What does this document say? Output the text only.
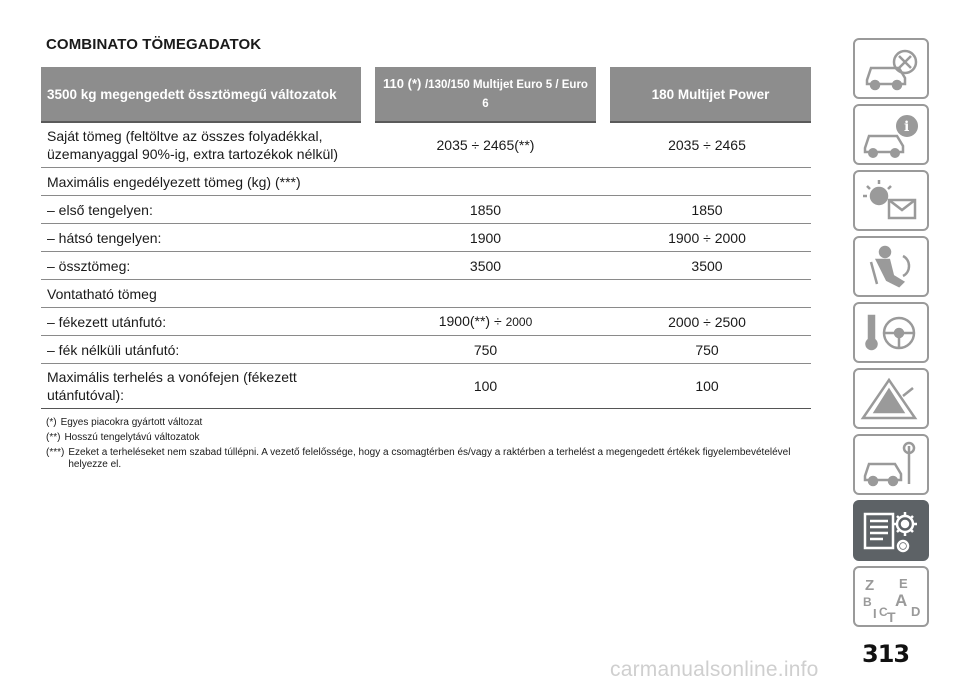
COMBINATO TÖMEGADATOK
3500 kg megengedett össztömegű változatok	110 (*) /130/150 Multijet Euro 5 / Euro 6	180 Multijet Power
Saját tömeg (feltöltve az összes folyadékkal, üzemanyaggal 90%-ig, extra tartozékok nélkül)	2035 ÷ 2465(**)	2035 ÷ 2465
Maximális engedélyezett tömeg (kg) (***)		
– első tengelyen:	1850	1850
– hátsó tengelyen:	1900	1900 ÷ 2000
– össztömeg:	3500	3500
Vontatható tömeg		
– fékezett utánfutó:	1900(**) ÷ 2000	2000 ÷ 2500
– fék nélküli utánfutó:	750	750
Maximális terhelés a vonófejen (fékezett utánfutóval):	100	100
(*) Egyes piacokra gyártott változat
(**) Hosszú tengelytávú változatok
(***) Ezeket a terheléseket nem szabad túllépni. A vezető felelőssége, hogy a csomagtérben és/vagy a raktérben a terhelést a megengedett értékek figyelembevételével helyezze el.
i
Z E
B A
I C T D
313
carmanualsonline.info
